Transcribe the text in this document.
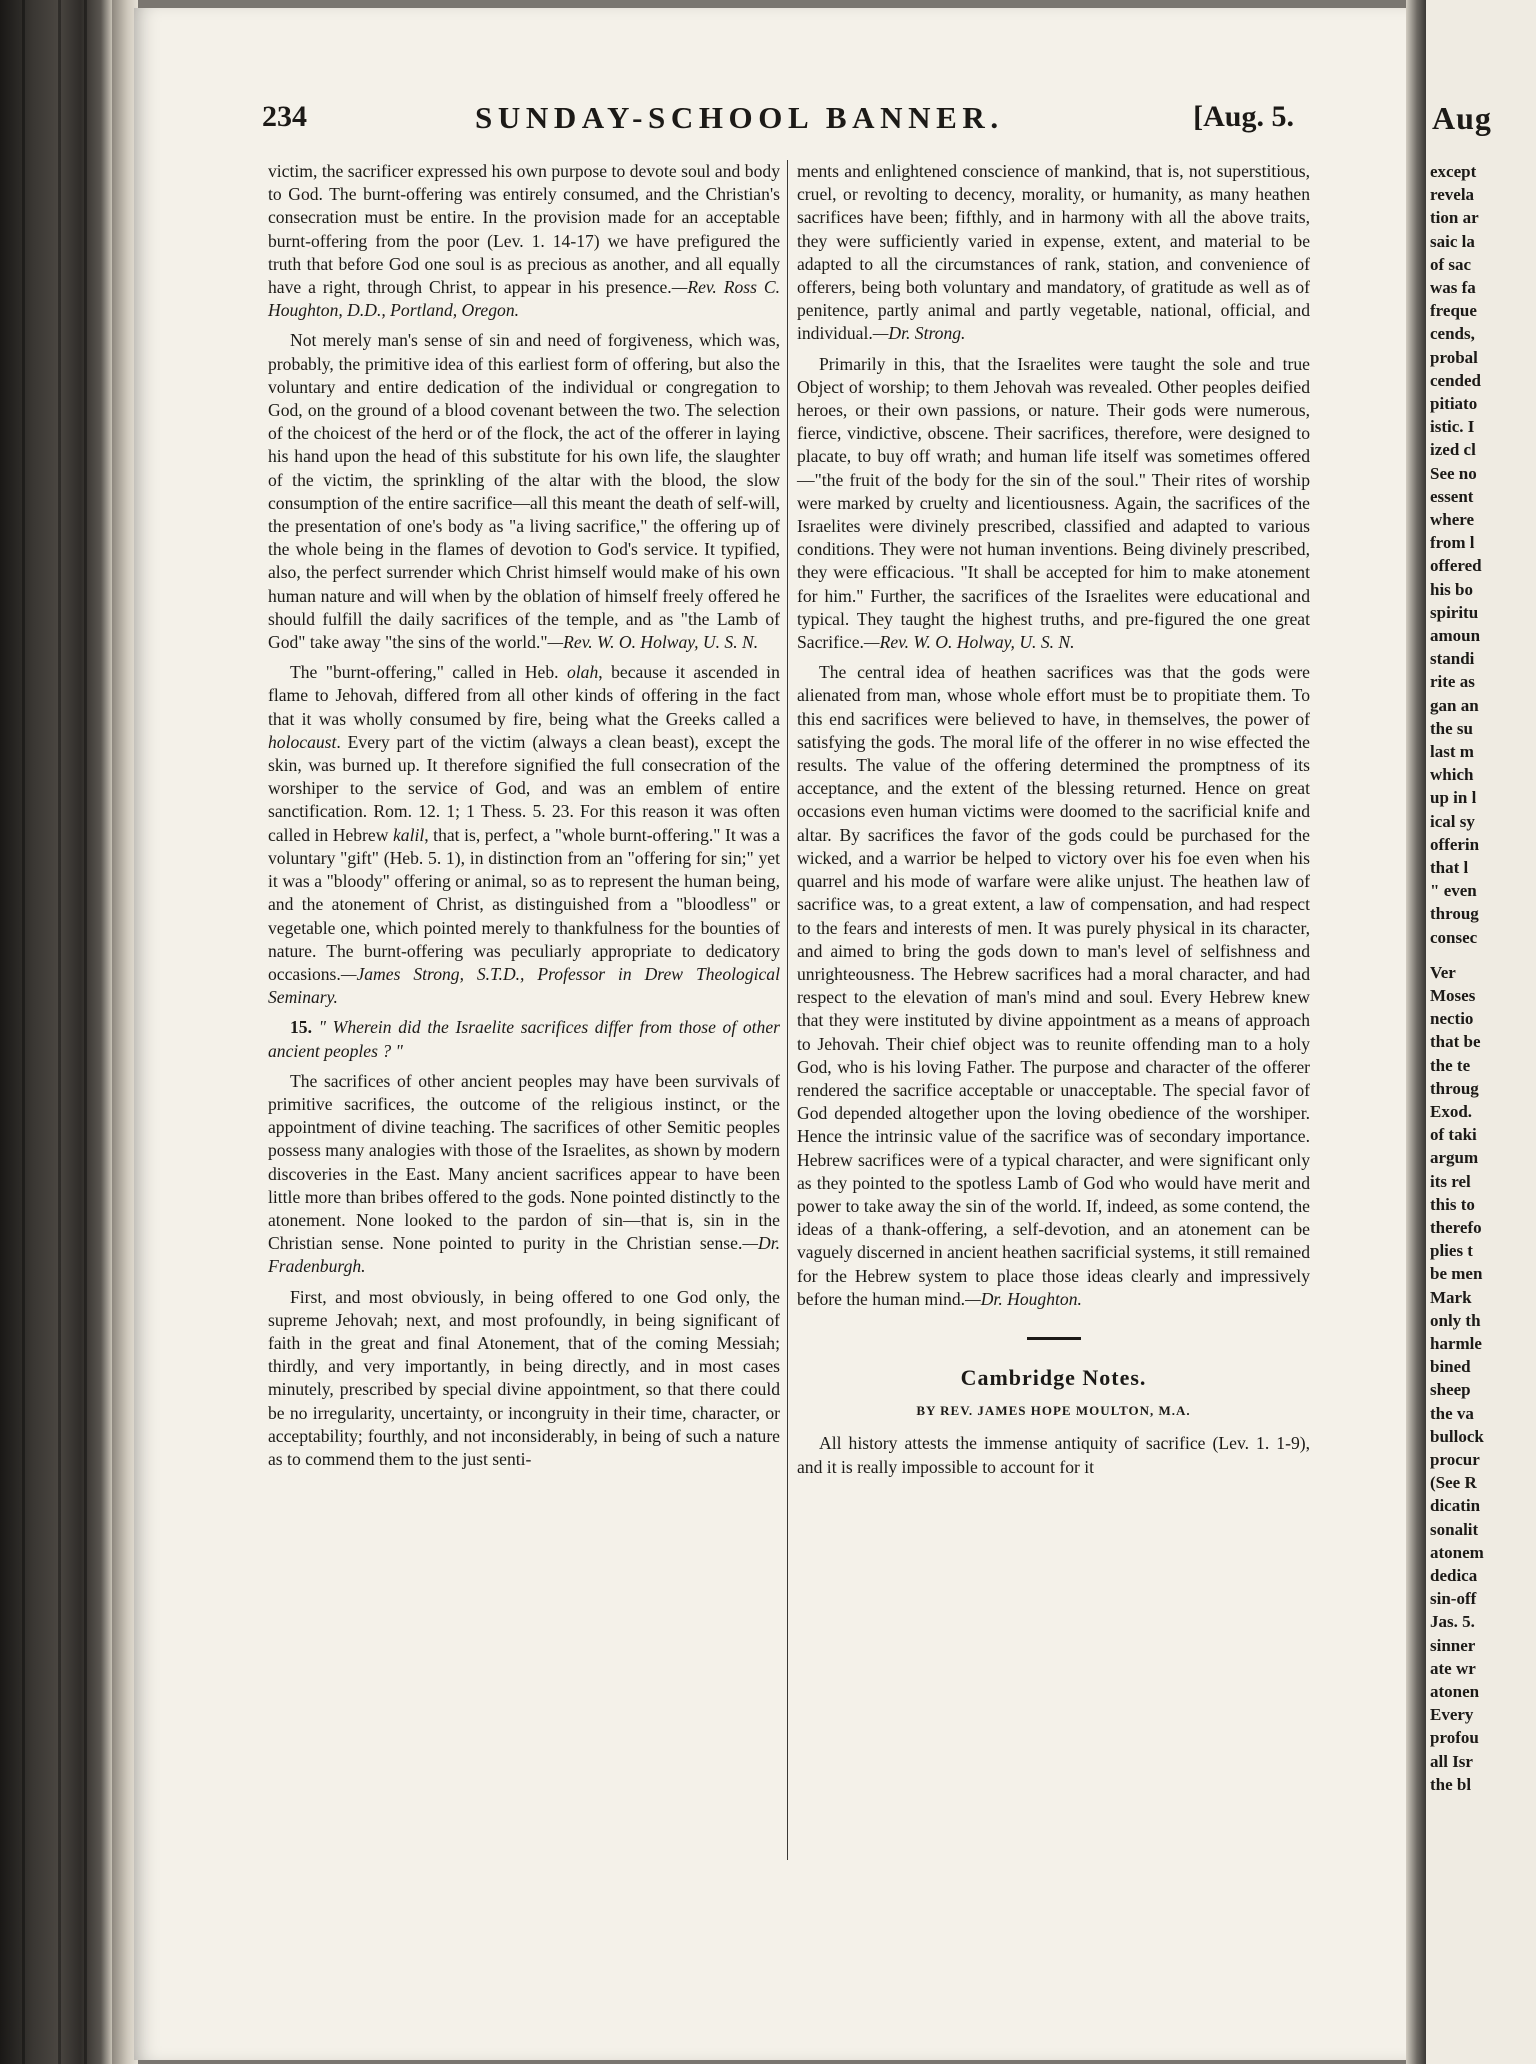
234	SUNDAY-SCHOOL BANNER.	[Aug. 5.

victim, the sacrificer expressed his own purpose to devote soul and body to God. The burnt-offering was entirely consumed, and the Christian's consecration must be entire. In the provision made for an acceptable burnt-offering from the poor (Lev. 1. 14-17) we have prefigured the truth that before God one soul is as precious as another, and all equally have a right, through Christ, to appear in his presence.—Rev. Ross C. Houghton, D.D., Portland, Oregon.

Not merely man's sense of sin and need of forgiveness, which was, probably, the primitive idea of this earliest form of offering, but also the voluntary and entire dedication of the individual or congregation to God, on the ground of a blood covenant between the two. The selection of the choicest of the herd or of the flock, the act of the offerer in laying his hand upon the head of this substitute for his own life, the slaughter of the victim, the sprinkling of the altar with the blood, the slow consumption of the entire sacrifice—all this meant the death of self-will, the presentation of one's body as "a living sacrifice," the offering up of the whole being in the flames of devotion to God's service. It typified, also, the perfect surrender which Christ himself would make of his own human nature and will when by the oblation of himself freely offered he should fulfill the daily sacrifices of the temple, and as "the Lamb of God" take away "the sins of the world."—Rev. W. O. Holway, U. S. N.

The "burnt-offering," called in Heb. olah, because it ascended in flame to Jehovah, differed from all other kinds of offering in the fact that it was wholly consumed by fire, being what the Greeks called a holocaust. Every part of the victim (always a clean beast), except the skin, was burned up. It therefore signified the full consecration of the worshiper to the service of God, and was an emblem of entire sanctification. Rom. 12. 1; 1 Thess. 5. 23. For this reason it was often called in Hebrew kalil, that is, perfect, a "whole burnt-offering." It was a voluntary "gift" (Heb. 5. 1), in distinction from an "offering for sin;" yet it was a "bloody" offering or animal, so as to represent the human being, and the atonement of Christ, as distinguished from a "bloodless" or vegetable one, which pointed merely to thankfulness for the bounties of nature. The burnt-offering was peculiarly appropriate to dedicatory occasions.—James Strong, S.T.D., Professor in Drew Theological Seminary.

15. " Wherein did the Israelite sacrifices differ from those of other ancient peoples ? "

The sacrifices of other ancient peoples may have been survivals of primitive sacrifices, the outcome of the religious instinct, or the appointment of divine teaching. The sacrifices of other Semitic peoples possess many analogies with those of the Israelites, as shown by modern discoveries in the East. Many ancient sacrifices appear to have been little more than bribes offered to the gods. None pointed distinctly to the atonement. None looked to the pardon of sin—that is, sin in the Christian sense. None pointed to purity in the Christian sense.—Dr. Fradenburgh.

First, and most obviously, in being offered to one God only, the supreme Jehovah; next, and most profoundly, in being significant of faith in the great and final Atonement, that of the coming Messiah; thirdly, and very importantly, in being directly, and in most cases minutely, prescribed by special divine appointment, so that there could be no irregularity, uncertainty, or incongruity in their time, character, or acceptability; fourthly, and not inconsiderably, in being of such a nature as to commend them to the just senti-

ments and enlightened conscience of mankind, that is, not superstitious, cruel, or revolting to decency, morality, or humanity, as many heathen sacrifices have been; fifthly, and in harmony with all the above traits, they were sufficiently varied in expense, extent, and material to be adapted to all the circumstances of rank, station, and convenience of offerers, being both voluntary and mandatory, of gratitude as well as of penitence, partly animal and partly vegetable, national, official, and individual.—Dr. Strong.

Primarily in this, that the Israelites were taught the sole and true Object of worship; to them Jehovah was revealed. Other peoples deified heroes, or their own passions, or nature. Their gods were numerous, fierce, vindictive, obscene. Their sacrifices, therefore, were designed to placate, to buy off wrath; and human life itself was sometimes offered—"the fruit of the body for the sin of the soul." Their rites of worship were marked by cruelty and licentiousness. Again, the sacrifices of the Israelites were divinely prescribed, classified and adapted to various conditions. They were not human inventions. Being divinely prescribed, they were efficacious. "It shall be accepted for him to make atonement for him." Further, the sacrifices of the Israelites were educational and typical. They taught the highest truths, and pre-figured the one great Sacrifice.—Rev. W. O. Holway, U. S. N.

The central idea of heathen sacrifices was that the gods were alienated from man, whose whole effort must be to propitiate them. To this end sacrifices were believed to have, in themselves, the power of satisfying the gods. The moral life of the offerer in no wise effected the results. The value of the offering determined the promptness of its acceptance, and the extent of the blessing returned. Hence on great occasions even human victims were doomed to the sacrificial knife and altar. By sacrifices the favor of the gods could be purchased for the wicked, and a warrior be helped to victory over his foe even when his quarrel and his mode of warfare were alike unjust. The heathen law of sacrifice was, to a great extent, a law of compensation, and had respect to the fears and interests of men. It was purely physical in its character, and aimed to bring the gods down to man's level of selfishness and unrighteousness. The Hebrew sacrifices had a moral character, and had respect to the elevation of man's mind and soul. Every Hebrew knew that they were instituted by divine appointment as a means of approach to Jehovah. Their chief object was to reunite offending man to a holy God, who is his loving Father. The purpose and character of the offerer rendered the sacrifice acceptable or unacceptable. The special favor of God depended altogether upon the loving obedience of the worshiper. Hence the intrinsic value of the sacrifice was of secondary importance. Hebrew sacrifices were of a typical character, and were significant only as they pointed to the spotless Lamb of God who would have merit and power to take away the sin of the world. If, indeed, as some contend, the ideas of a thank-offering, a self-devotion, and an atonement can be vaguely discerned in ancient heathen sacrificial systems, it still remained for the Hebrew system to place those ideas clearly and impressively before the human mind.—Dr. Houghton.

Cambridge Notes.
BY REV. JAMES HOPE MOULTON, M.A.

All history attests the immense antiquity of sacrifice (Lev. 1. 1-9), and it is really impossible to account for it

Aug
except
revela
tion ar
saic la
of sac
was fa
freque
cends,
probal
cended
pitiato
istic. I
ized cl
See no
essent
where
from l
offered
his bo
spiritu
amoun
standi
rite as
gan an
the su
last m
which
up in l
ical sy
offerin
that l
" even
throug
consec
Ver
Moses
nectio
that be
the te
throug
Exod.
of taki
argum
its rel
this to
therefo
plies t
be men
Mark
only th
harmle
bined
sheep
the va
bullock
procur
(See R
dicatin
sonalit
atonem
dedica
sin-off
Jas. 5.
sinner
ate wr
atonen
Every
profou
all Isr
the bl
